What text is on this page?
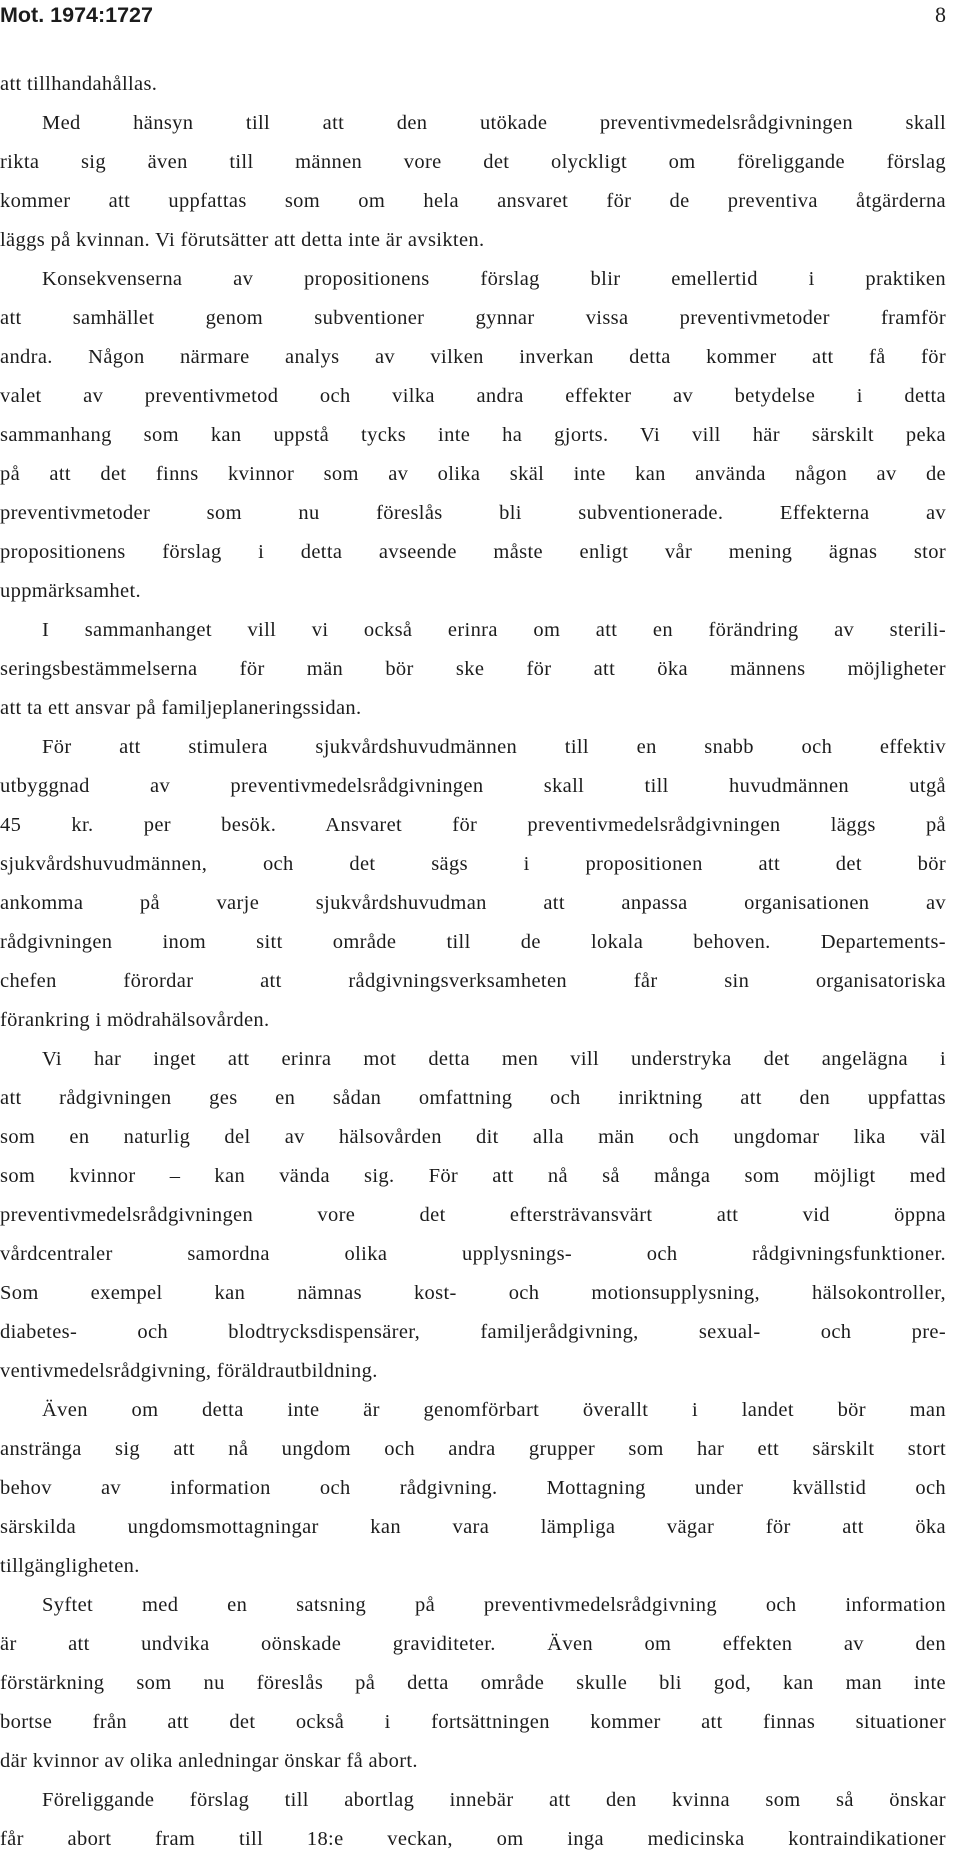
Mot. 1974:1727	8
att tillhandahållas.
Med hänsyn till att den utökade preventivmedelsrådgivningen skall
rikta sig även till männen vore det olyckligt om föreliggande förslag
kommer att uppfattas som om hela ansvaret för de preventiva åtgärderna
läggs på kvinnan. Vi förutsätter att detta inte är avsikten.
Konsekvenserna av propositionens förslag blir emellertid i praktiken
att samhället genom subventioner gynnar vissa preventivmetoder framför
andra. Någon närmare analys av vilken inverkan detta kommer att få för
valet av preventivmetod och vilka andra effekter av betydelse i detta
sammanhang som kan uppstå tycks inte ha gjorts. Vi vill här särskilt peka
på att det finns kvinnor som av olika skäl inte kan använda någon av de
preventivmetoder som nu föreslås bli subventionerade. Effekterna av
propositionens förslag i detta avseende måste enligt vår mening ägnas stor
uppmärksamhet.
I sammanhanget vill vi också erinra om att en förändring av sterili-
seringsbestämmelserna för män bör ske för att öka männens möjligheter
att ta ett ansvar på familjeplaneringssidan.
För att stimulera sjukvårdshuvudmännen till en snabb och effektiv
utbyggnad av preventivmedelsrådgivningen skall till huvudmännen utgå
45 kr. per besök. Ansvaret för preventivmedelsrådgivningen läggs på
sjukvårdshuvudmännen, och det sägs i propositionen att det bör
ankomma på varje sjukvårdshuvudman att anpassa organisationen av
rådgivningen inom sitt område till de lokala behoven. Departements-
chefen förordar att rådgivningsverksamheten får sin organisatoriska
förankring i mödrahälsovården.
Vi har inget att erinra mot detta men vill understryka det angelägna i
att rådgivningen ges en sådan omfattning och inriktning att den uppfattas
som en naturlig del av hälsovården dit alla män och ungdomar lika väl
som kvinnor – kan vända sig. För att nå så många som möjligt med
preventivmedelsrådgivningen vore det eftersträvansvärt att vid öppna
vårdcentraler samordna olika upplysnings- och rådgivningsfunktioner.
Som exempel kan nämnas kost- och motionsupplysning, hälsokontroller,
diabetes- och blodtrycksdispensärer, familjerådgivning, sexual- och pre-
ventivmedelsrådgivning, föräldrautbildning.
Även om detta inte är genomförbart överallt i landet bör man
anstränga sig att nå ungdom och andra grupper som har ett särskilt stort
behov av information och rådgivning. Mottagning under kvällstid och
särskilda ungdomsmottagningar kan vara lämpliga vägar för att öka
tillgängligheten.
Syftet med en satsning på preventivmedelsrådgivning och information
är att undvika oönskade graviditeter. Även om effekten av den
förstärkning som nu föreslås på detta område skulle bli god, kan man inte
bortse från att det också i fortsättningen kommer att finnas situationer
där kvinnor av olika anledningar önskar få abort.
Föreliggande förslag till abortlag innebär att den kvinna som så önskar
får abort fram till 18:e veckan, om inga medicinska kontraindikationer
